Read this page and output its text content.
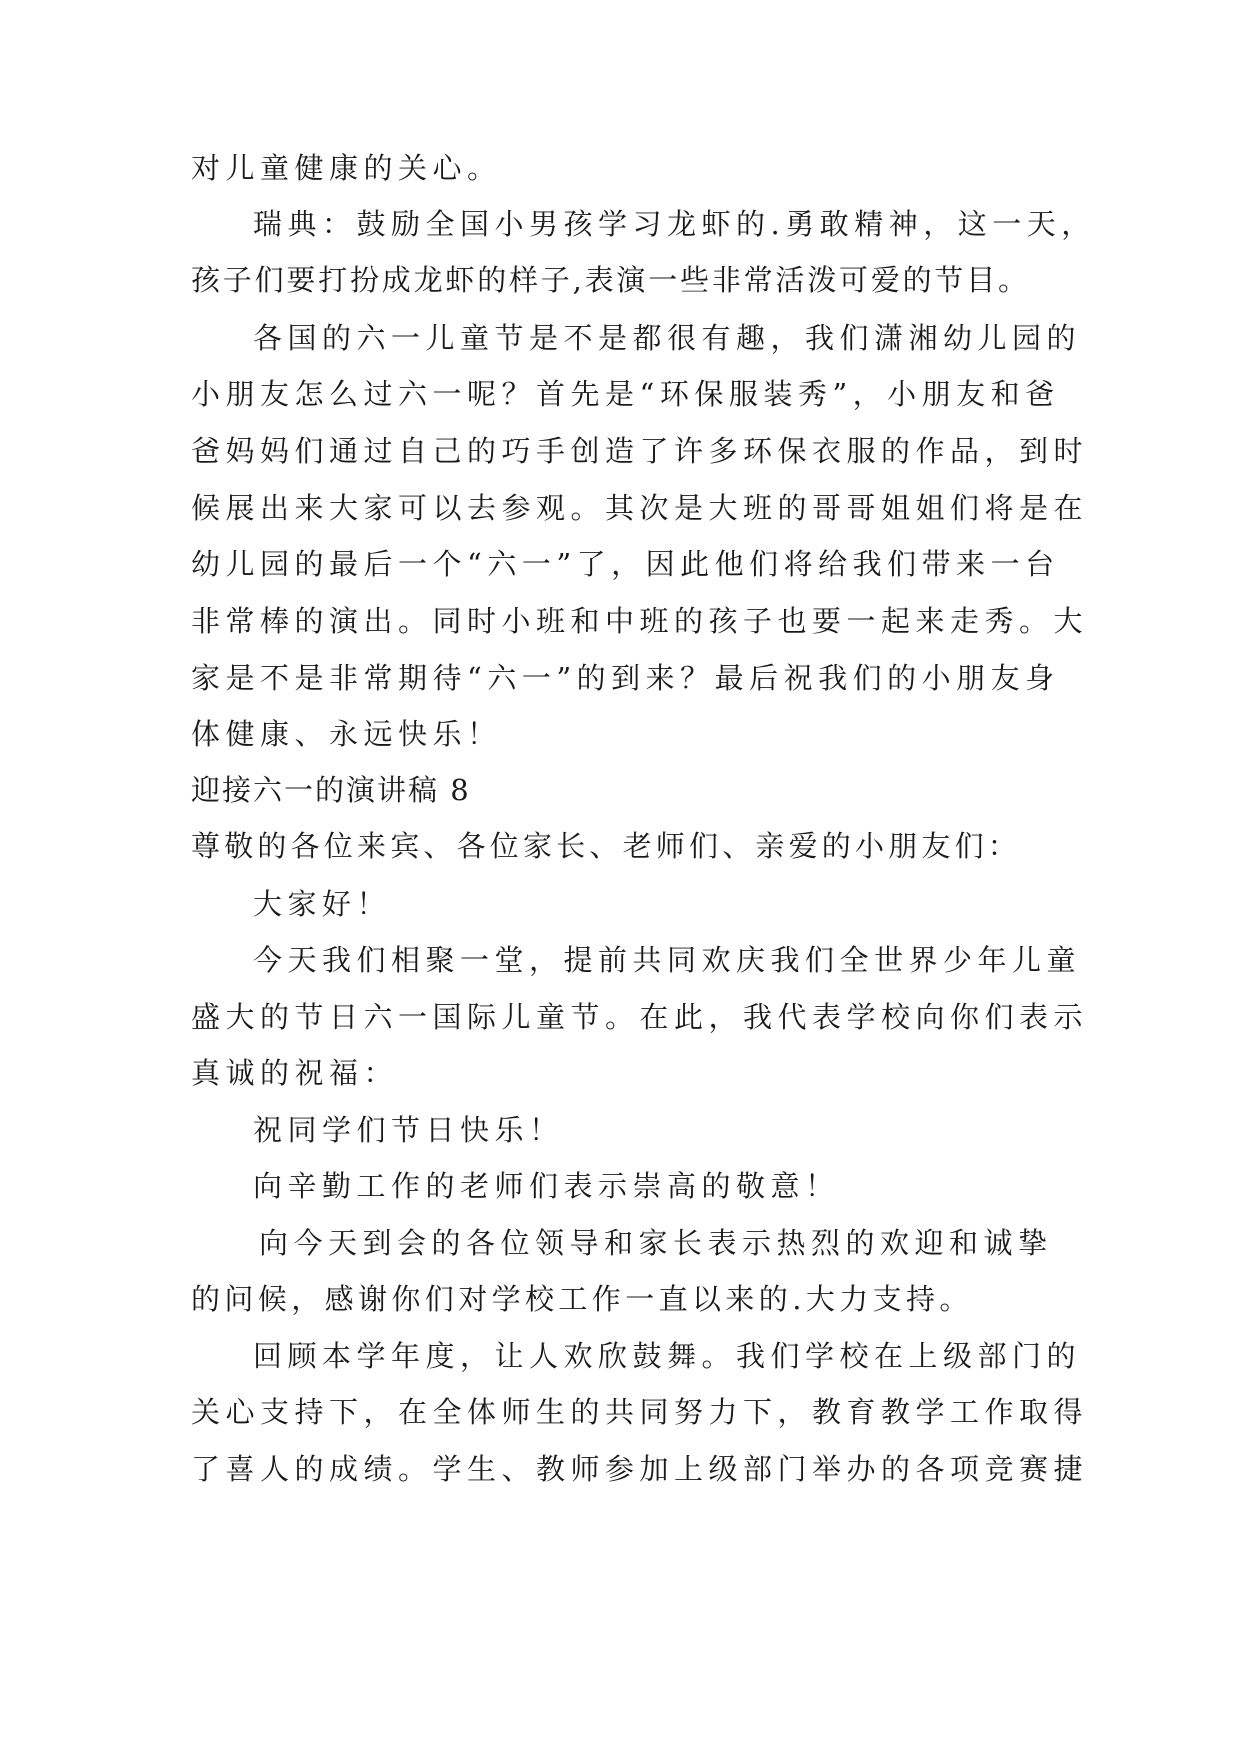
对儿童健康的关心。
瑞典：鼓励全国小男孩学习龙虾的.勇敢精神，这一天，
孩子们要打扮成龙虾的样子,表演一些非常活泼可爱的节目。
各国的六一儿童节是不是都很有趣，我们潇湘幼儿园的
小朋友怎么过六一呢？首先是“环保服装秀”，小朋友和爸
爸妈妈们通过自己的巧手创造了许多环保衣服的作品，到时
候展出来大家可以去参观。其次是大班的哥哥姐姐们将是在
幼儿园的最后一个“六一”了，因此他们将给我们带来一台
非常棒的演出。同时小班和中班的孩子也要一起来走秀。大
家是不是非常期待“六一”的到来？最后祝我们的小朋友身
体健康、永远快乐！
迎接六一的演讲稿 8
尊敬的各位来宾、各位家长、老师们、亲爱的小朋友们：
大家好！
今天我们相聚一堂，提前共同欢庆我们全世界少年儿童
盛大的节日六一国际儿童节。在此，我代表学校向你们表示
真诚的祝福：
祝同学们节日快乐！
向辛勤工作的老师们表示崇高的敬意！
向今天到会的各位领导和家长表示热烈的欢迎和诚挚
的问候，感谢你们对学校工作一直以来的.大力支持。
回顾本学年度，让人欢欣鼓舞。我们学校在上级部门的
关心支持下，在全体师生的共同努力下，教育教学工作取得
了喜人的成绩。学生、教师参加上级部门举办的各项竞赛捷
